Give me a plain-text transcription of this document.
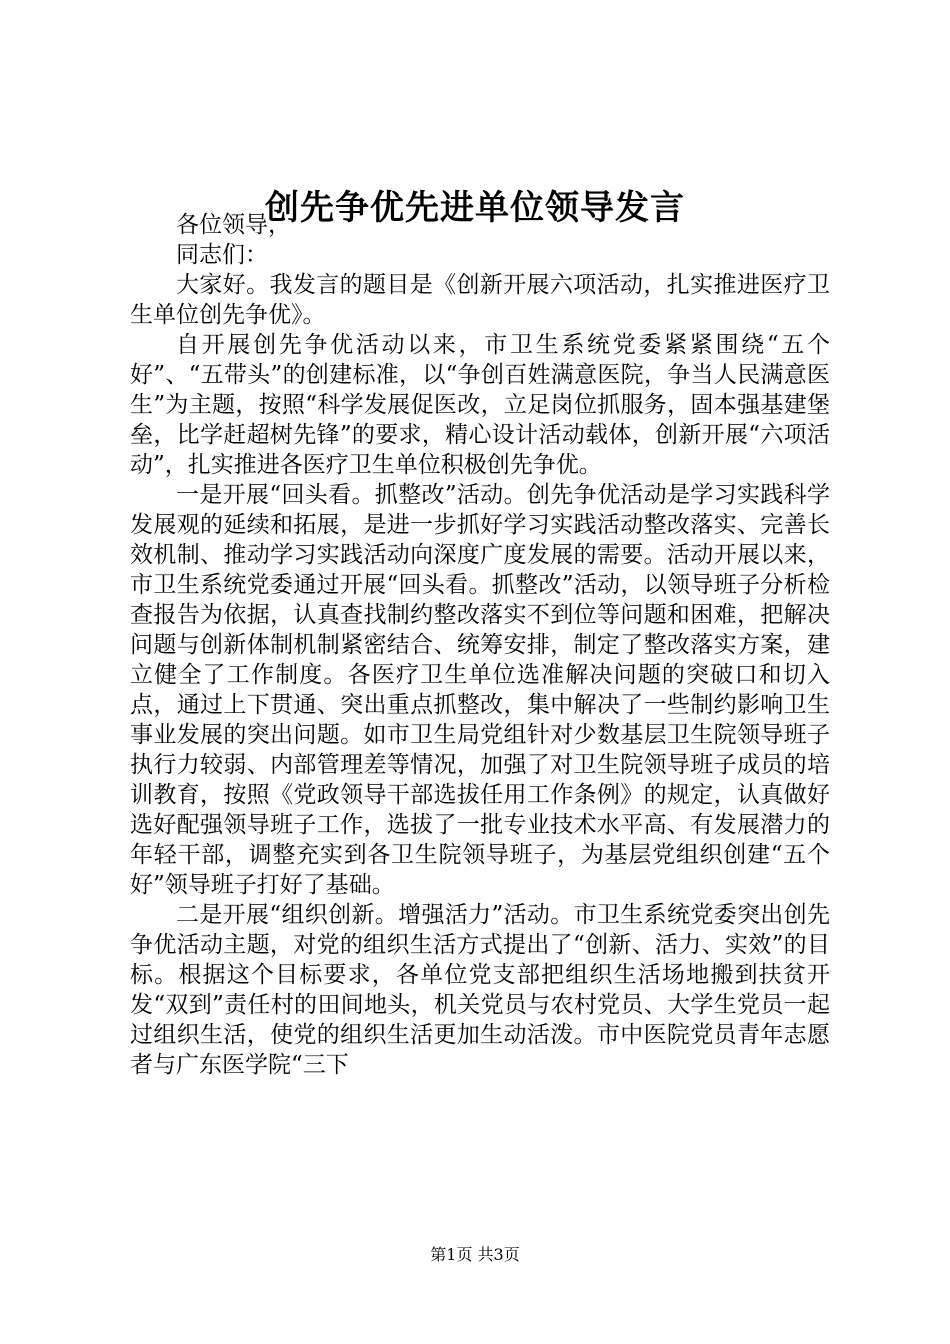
创先争优先进单位领导发言

各位领导，

同志们：

大家好。我发言的题目是《创新开展六项活动，扎实推进医疗卫生单位创先争优》。

自开展创先争优活动以来，市卫生系统党委紧紧围绕“五个好”、“五带头”的创建标准，以“争创百姓满意医院，争当人民满意医生”为主题，按照“科学发展促医改，立足岗位抓服务，固本强基建堡垒，比学赶超树先锋”的要求，精心设计活动载体，创新开展“六项活动”，扎实推进各医疗卫生单位积极创先争优。

一是开展“回头看。抓整改”活动。创先争优活动是学习实践科学发展观的延续和拓展，是进一步抓好学习实践活动整改落实、完善长效机制、推动学习实践活动向深度广度发展的需要。活动开展以来，市卫生系统党委通过开展“回头看。抓整改”活动，以领导班子分析检查报告为依据，认真查找制约整改落实不到位等问题和困难，把解决问题与创新体制机制紧密结合、统筹安排，制定了整改落实方案，建立健全了工作制度。各医疗卫生单位选准解决问题的突破口和切入点，通过上下贯通、突出重点抓整改，集中解决了一些制约影响卫生事业发展的突出问题。如市卫生局党组针对少数基层卫生院领导班子执行力较弱、内部管理差等情况，加强了对卫生院领导班子成员的培训教育，按照《党政领导干部选拔任用工作条例》的规定，认真做好选好配强领导班子工作，选拔了一批专业技术水平高、有发展潜力的年轻干部，调整充实到各卫生院领导班子，为基层党组织创建“五个好”领导班子打好了基础。

二是开展“组织创新。增强活力”活动。市卫生系统党委突出创先争优活动主题，对党的组织生活方式提出了“创新、活力、实效”的目标。根据这个目标要求，各单位党支部把组织生活场地搬到扶贫开发“双到”责任村的田间地头，机关党员与农村党员、大学生党员一起过组织生活，使党的组织生活更加生动活泼。市中医院党员青年志愿者与广东医学院“三下

第1页 共3页
